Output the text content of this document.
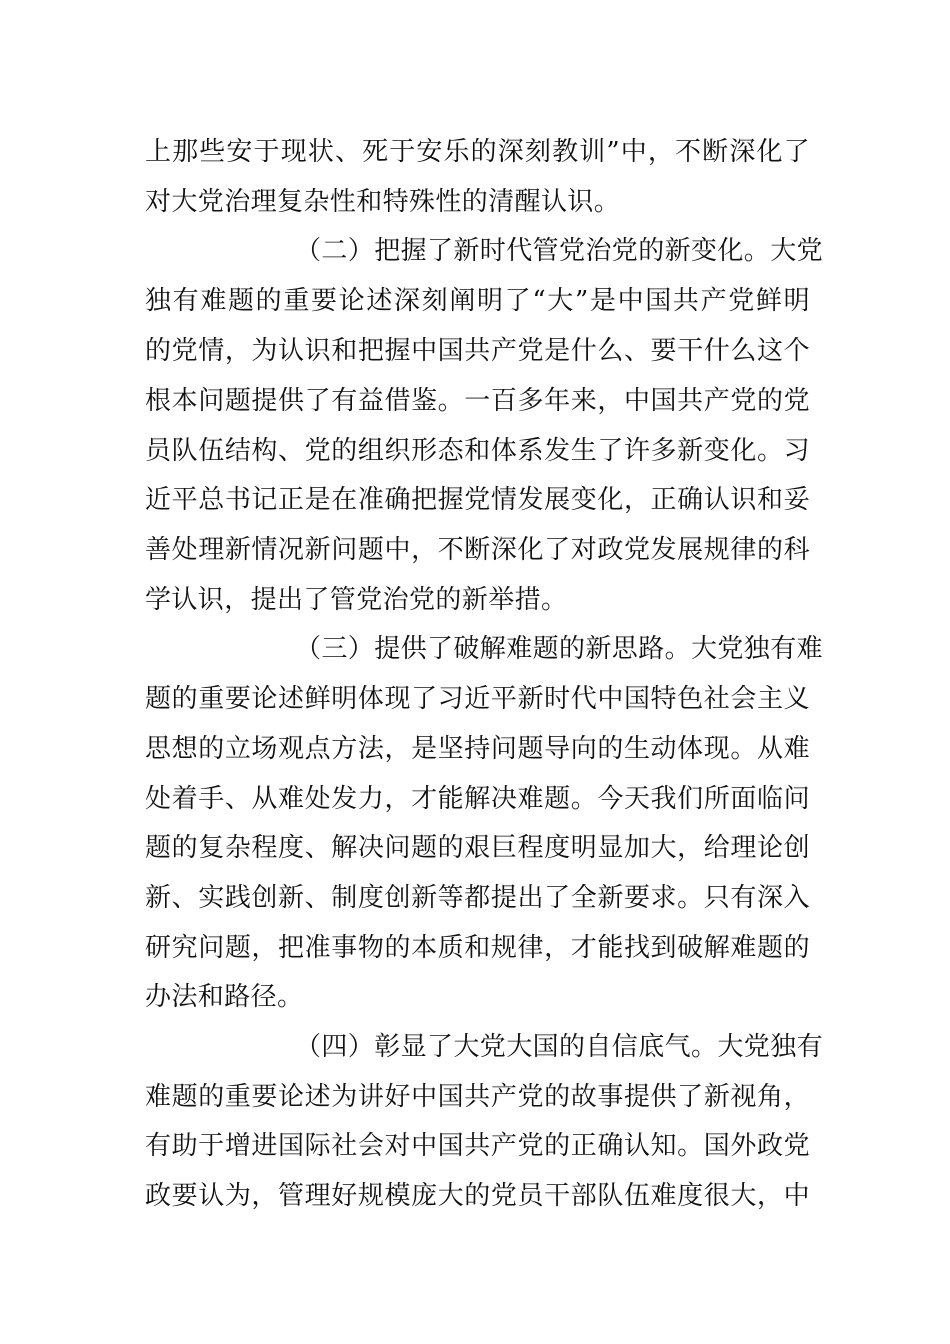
上那些安于现状、死于安乐的深刻教训”中，不断深化了
对大党治理复杂性和特殊性的清醒认识。
（二）把握了新时代管党治党的新变化。大党
独有难题的重要论述深刻阐明了“大”是中国共产党鲜明
的党情，为认识和把握中国共产党是什么、要干什么这个
根本问题提供了有益借鉴。一百多年来，中国共产党的党
员队伍结构、党的组织形态和体系发生了许多新变化。习
近平总书记正是在准确把握党情发展变化，正确认识和妥
善处理新情况新问题中，不断深化了对政党发展规律的科
学认识，提出了管党治党的新举措。
（三）提供了破解难题的新思路。大党独有难
题的重要论述鲜明体现了习近平新时代中国特色社会主义
思想的立场观点方法，是坚持问题导向的生动体现。从难
处着手、从难处发力，才能解决难题。今天我们所面临问
题的复杂程度、解决问题的艰巨程度明显加大，给理论创
新、实践创新、制度创新等都提出了全新要求。只有深入
研究问题，把准事物的本质和规律，才能找到破解难题的
办法和路径。
（四）彰显了大党大国的自信底气。大党独有
难题的重要论述为讲好中国共产党的故事提供了新视角，
有助于增进国际社会对中国共产党的正确认知。国外政党
政要认为，管理好规模庞大的党员干部队伍难度很大，中
